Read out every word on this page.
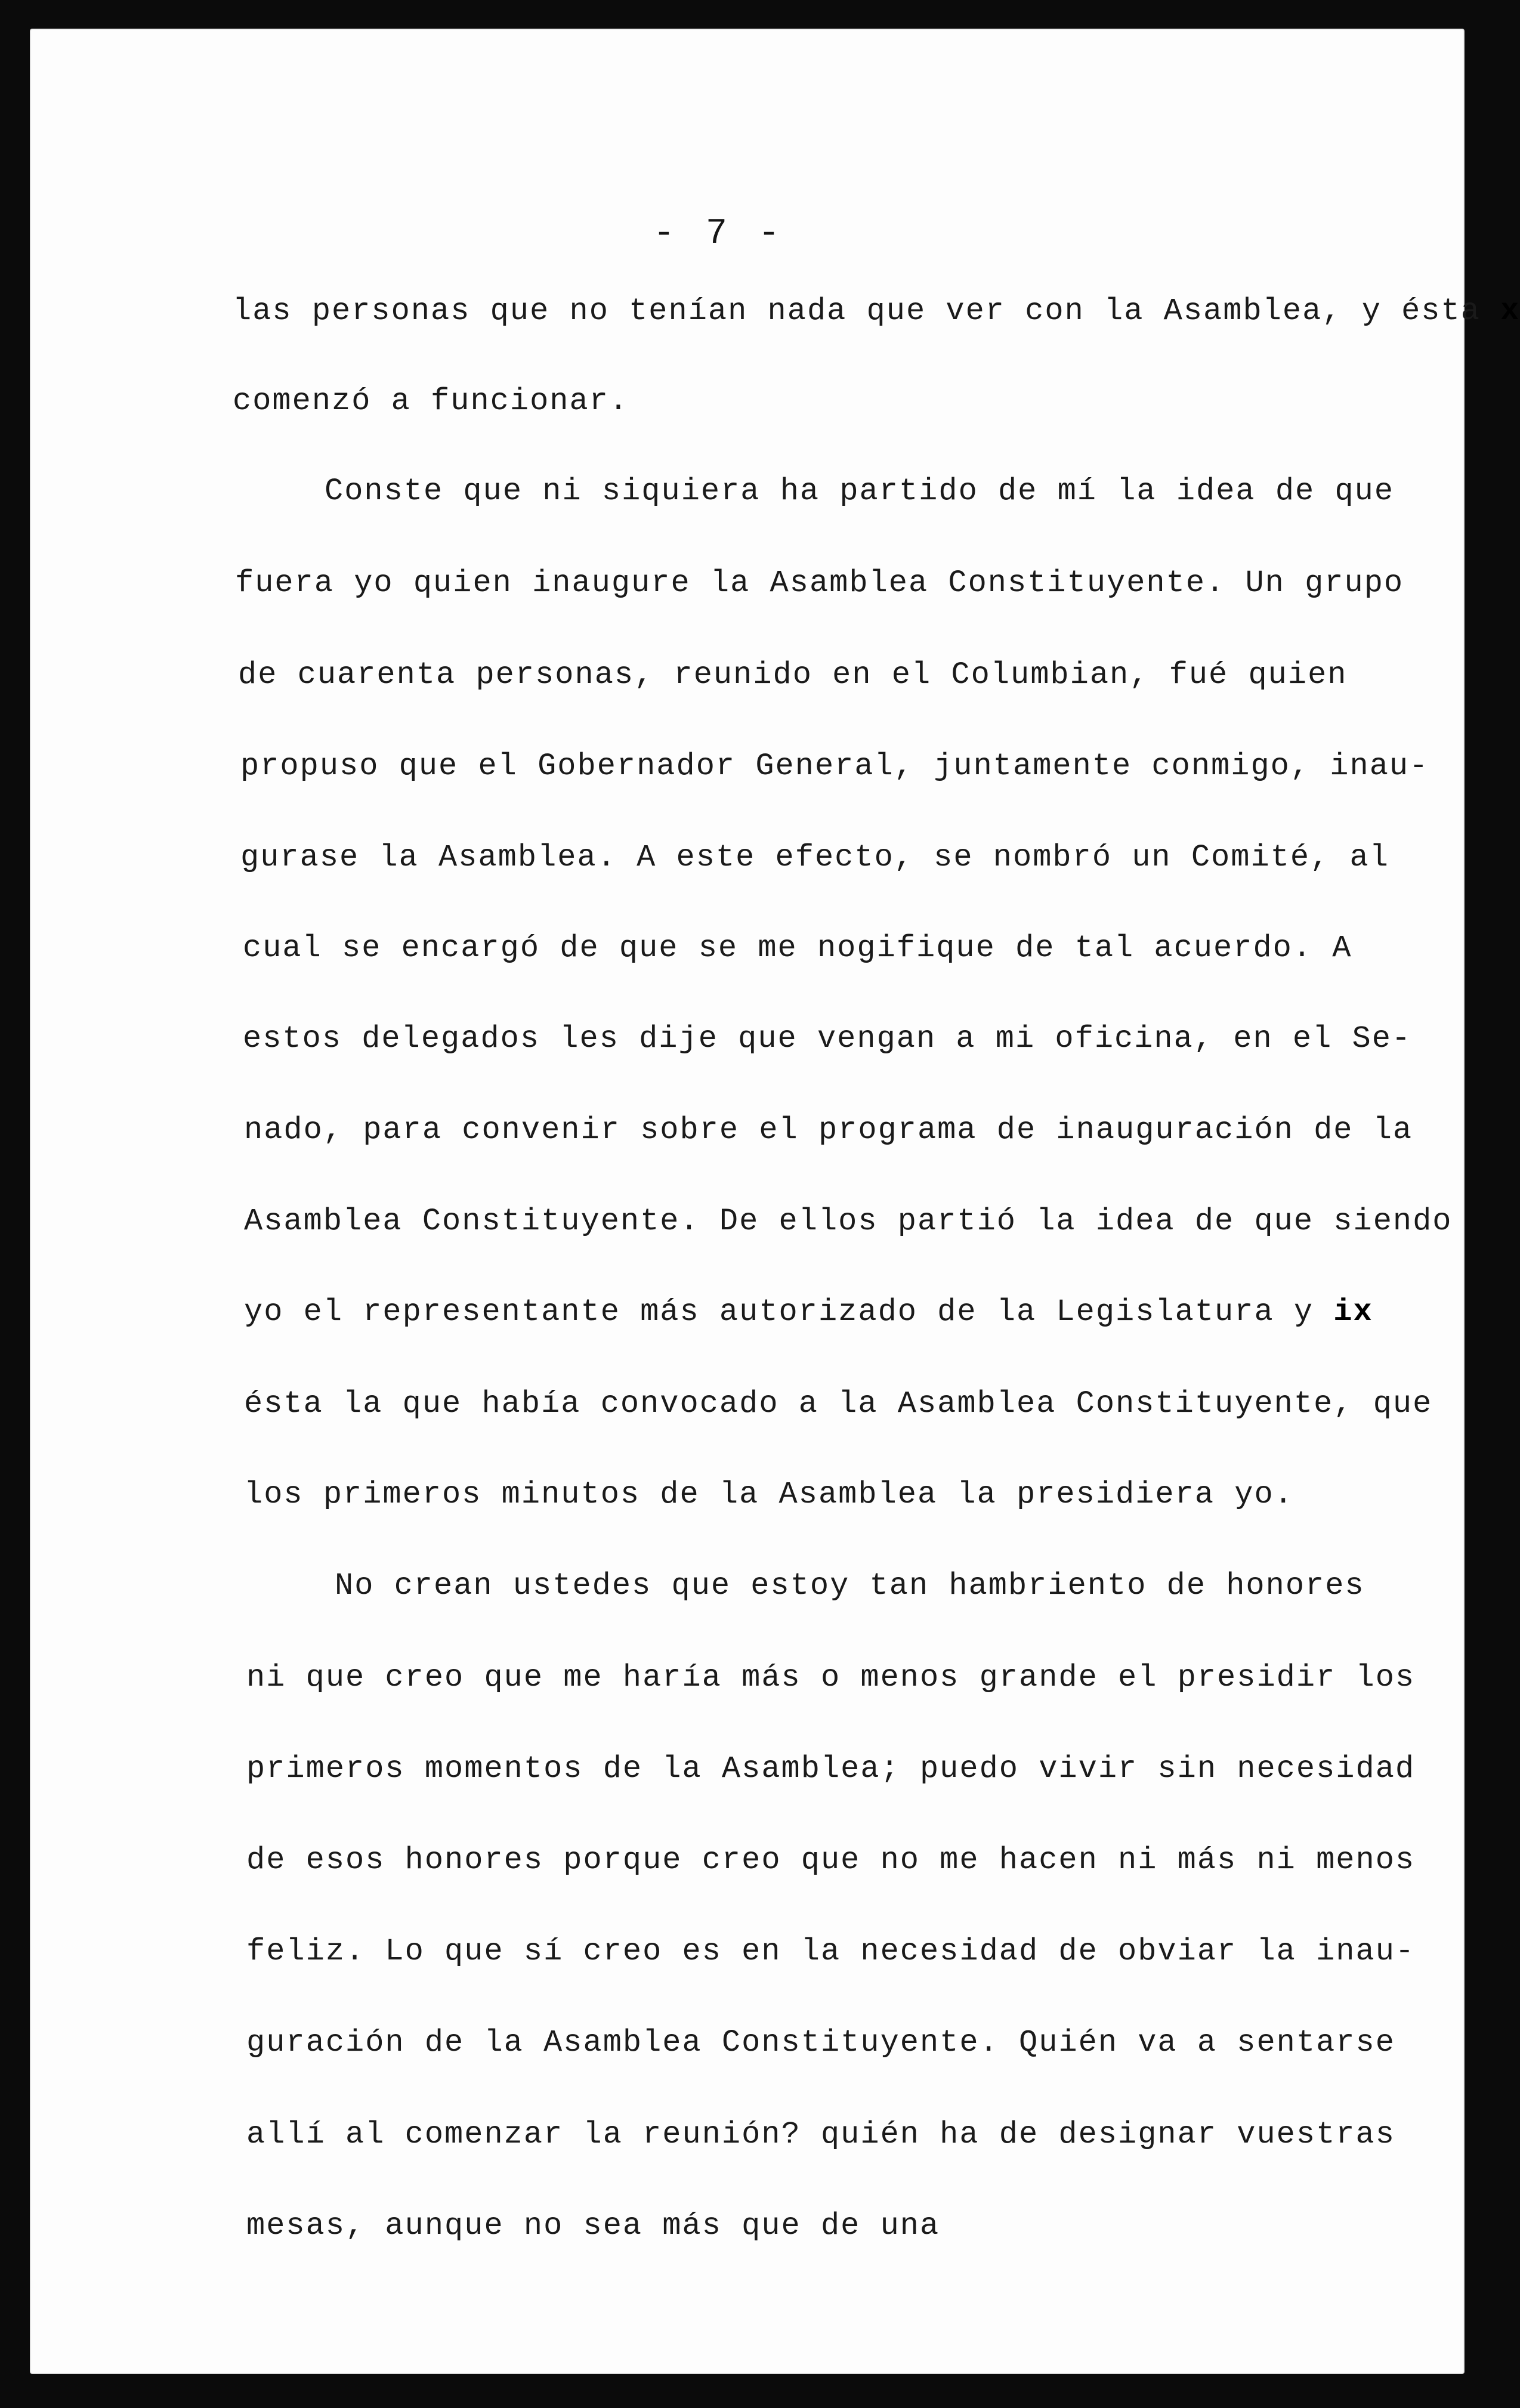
- 7 -
las personas que no tenían nada que ver con la Asamblea, y ésta x
comenzó a funcionar.
Conste que ni siquiera ha partido de mí la idea de que
fuera yo quien inaugure la Asamblea Constituyente. Un grupo
de cuarenta personas, reunido en el Columbian, fué quien
propuso que el Gobernador General, juntamente conmigo, inau-
gurase la Asamblea. A este efecto, se nombró un Comité, al
cual se encargó de que se me nogifique de tal acuerdo. A
estos delegados les dije que vengan a mi oficina, en el Se-
nado, para convenir sobre el programa de inauguración de la
Asamblea Constituyente. De ellos partió la idea de que siendo
yo el representante más autorizado de la Legislatura y ix
ésta la que había convocado a la Asamblea Constituyente, que
los primeros minutos de la Asamblea la presidiera yo.
No crean ustedes que estoy tan hambriento de honores
ni que creo que me haría más o menos grande el presidir los
primeros momentos de la Asamblea; puedo vivir sin necesidad
de esos honores porque creo que no me hacen ni más ni menos
feliz. Lo que sí creo es en la necesidad de obviar la inau-
guración de la Asamblea Constituyente. Quién va a sentarse
allí al comenzar la reunión? quién ha de designar vuestras
mesas, aunque no sea más que de una
